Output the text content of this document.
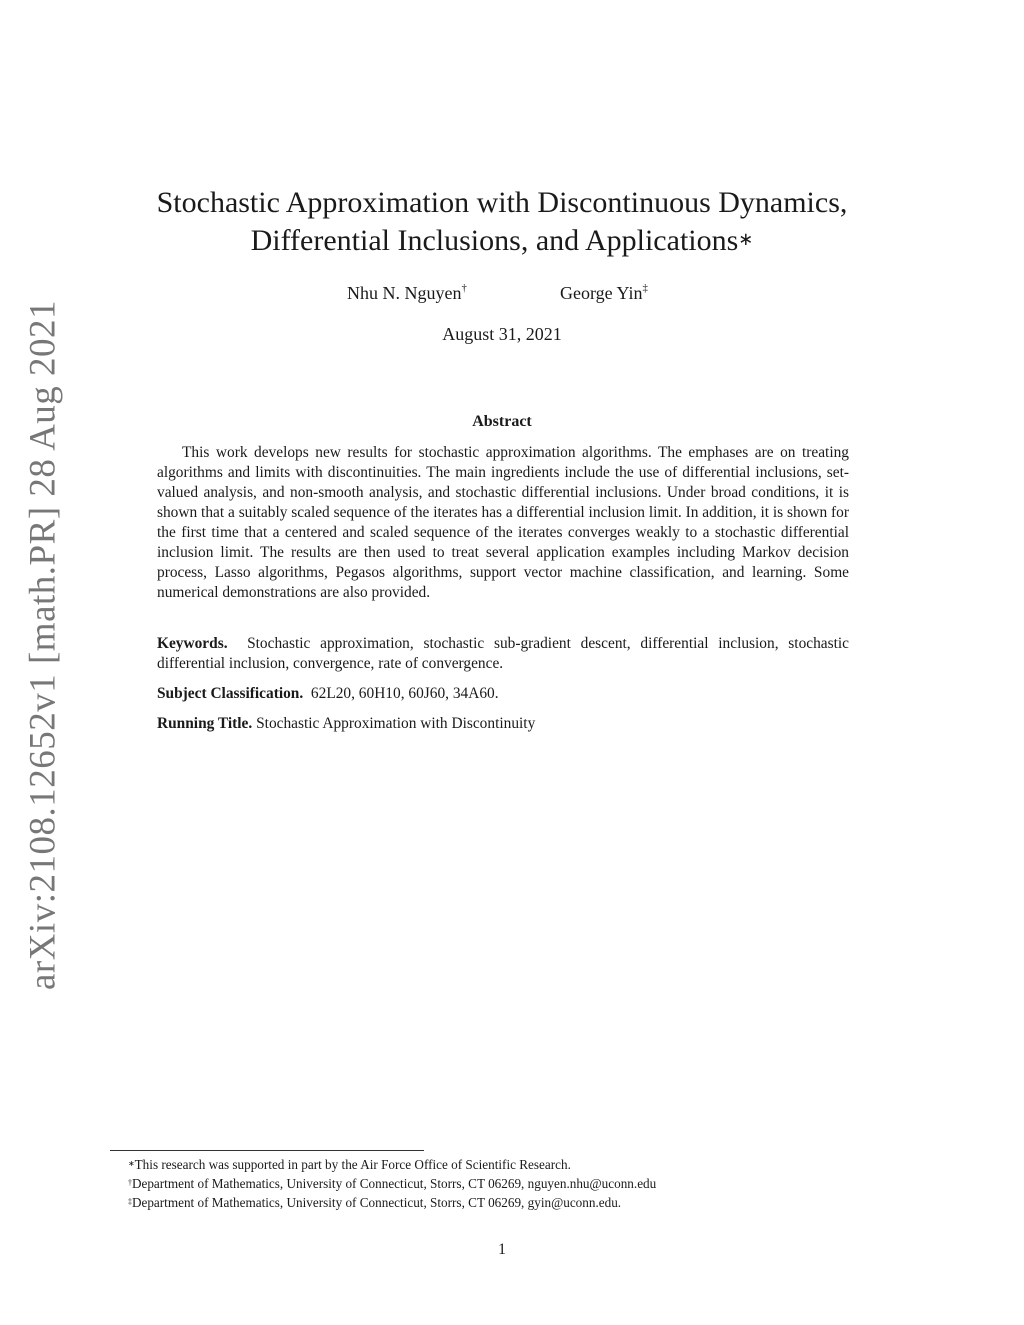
arXiv:2108.12652v1 [math.PR] 28 Aug 2021
Stochastic Approximation with Discontinuous Dynamics,
Differential Inclusions, and Applications∗
Nhu N. Nguyen†	George Yin‡
August 31, 2021
Abstract

This work develops new results for stochastic approximation algorithms. The emphases are on treating algorithms and limits with discontinuities. The main ingredients include the use of differential inclusions, set-valued analysis, and non-smooth analysis, and stochastic differential inclusions. Under broad conditions, it is shown that a suitably scaled sequence of the iterates has a differential inclusion limit. In addition, it is shown for the first time that a centered and scaled sequence of the iterates converges weakly to a stochastic differential inclusion limit. The results are then used to treat several application examples including Markov decision process, Lasso algorithms, Pegasos algorithms, support vector machine classification, and learning. Some numerical demonstrations are also provided.

Keywords. Stochastic approximation, stochastic sub-gradient descent, differential inclusion, stochastic differential inclusion, convergence, rate of convergence.

Subject Classification. 62L20, 60H10, 60J60, 34A60.

Running Title. Stochastic Approximation with Discontinuity

∗This research was supported in part by the Air Force Office of Scientific Research.
†Department of Mathematics, University of Connecticut, Storrs, CT 06269, nguyen.nhu@uconn.edu
‡Department of Mathematics, University of Connecticut, Storrs, CT 06269, gyin@uconn.edu.
1
